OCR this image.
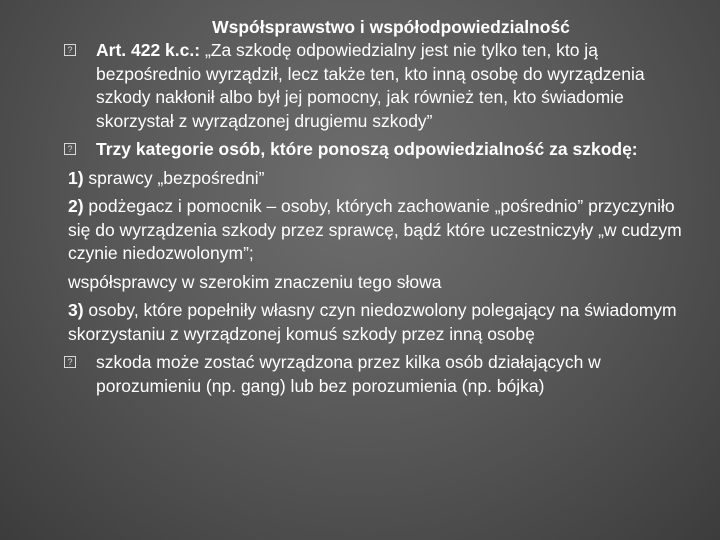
Współsprawstwo i współodpowiedzialność
? Art. 422 k.c.: „Za szkodę odpowiedzialny jest nie tylko ten, kto ją bezpośrednio wyrządził, lecz także ten, kto inną osobę do wyrządzenia szkody nakłonił albo był jej pomocny, jak również ten, kto świadomie skorzystał z wyrządzonej drugiemu szkody”
? Trzy kategorie osób, które ponoszą odpowiedzialność za szkodę:
1) sprawcy „bezpośredni”
2) podżegacz i pomocnik – osoby, których zachowanie „pośrednio” przyczyniło się do wyrządzenia szkody przez sprawcę, bądź które uczestniczyły „w cudzym czynie niedozwolonym”;
współsprawcy w szerokim znaczeniu tego słowa
3) osoby, które popełniły własny czyn niedozwolony polegający na świadomym skorzystaniu z wyrządzonej komuś szkody przez inną osobę
? szkoda może zostać wyrządzona przez kilka osób działających w porozumieniu (np. gang) lub bez porozumienia (np. bójka)
